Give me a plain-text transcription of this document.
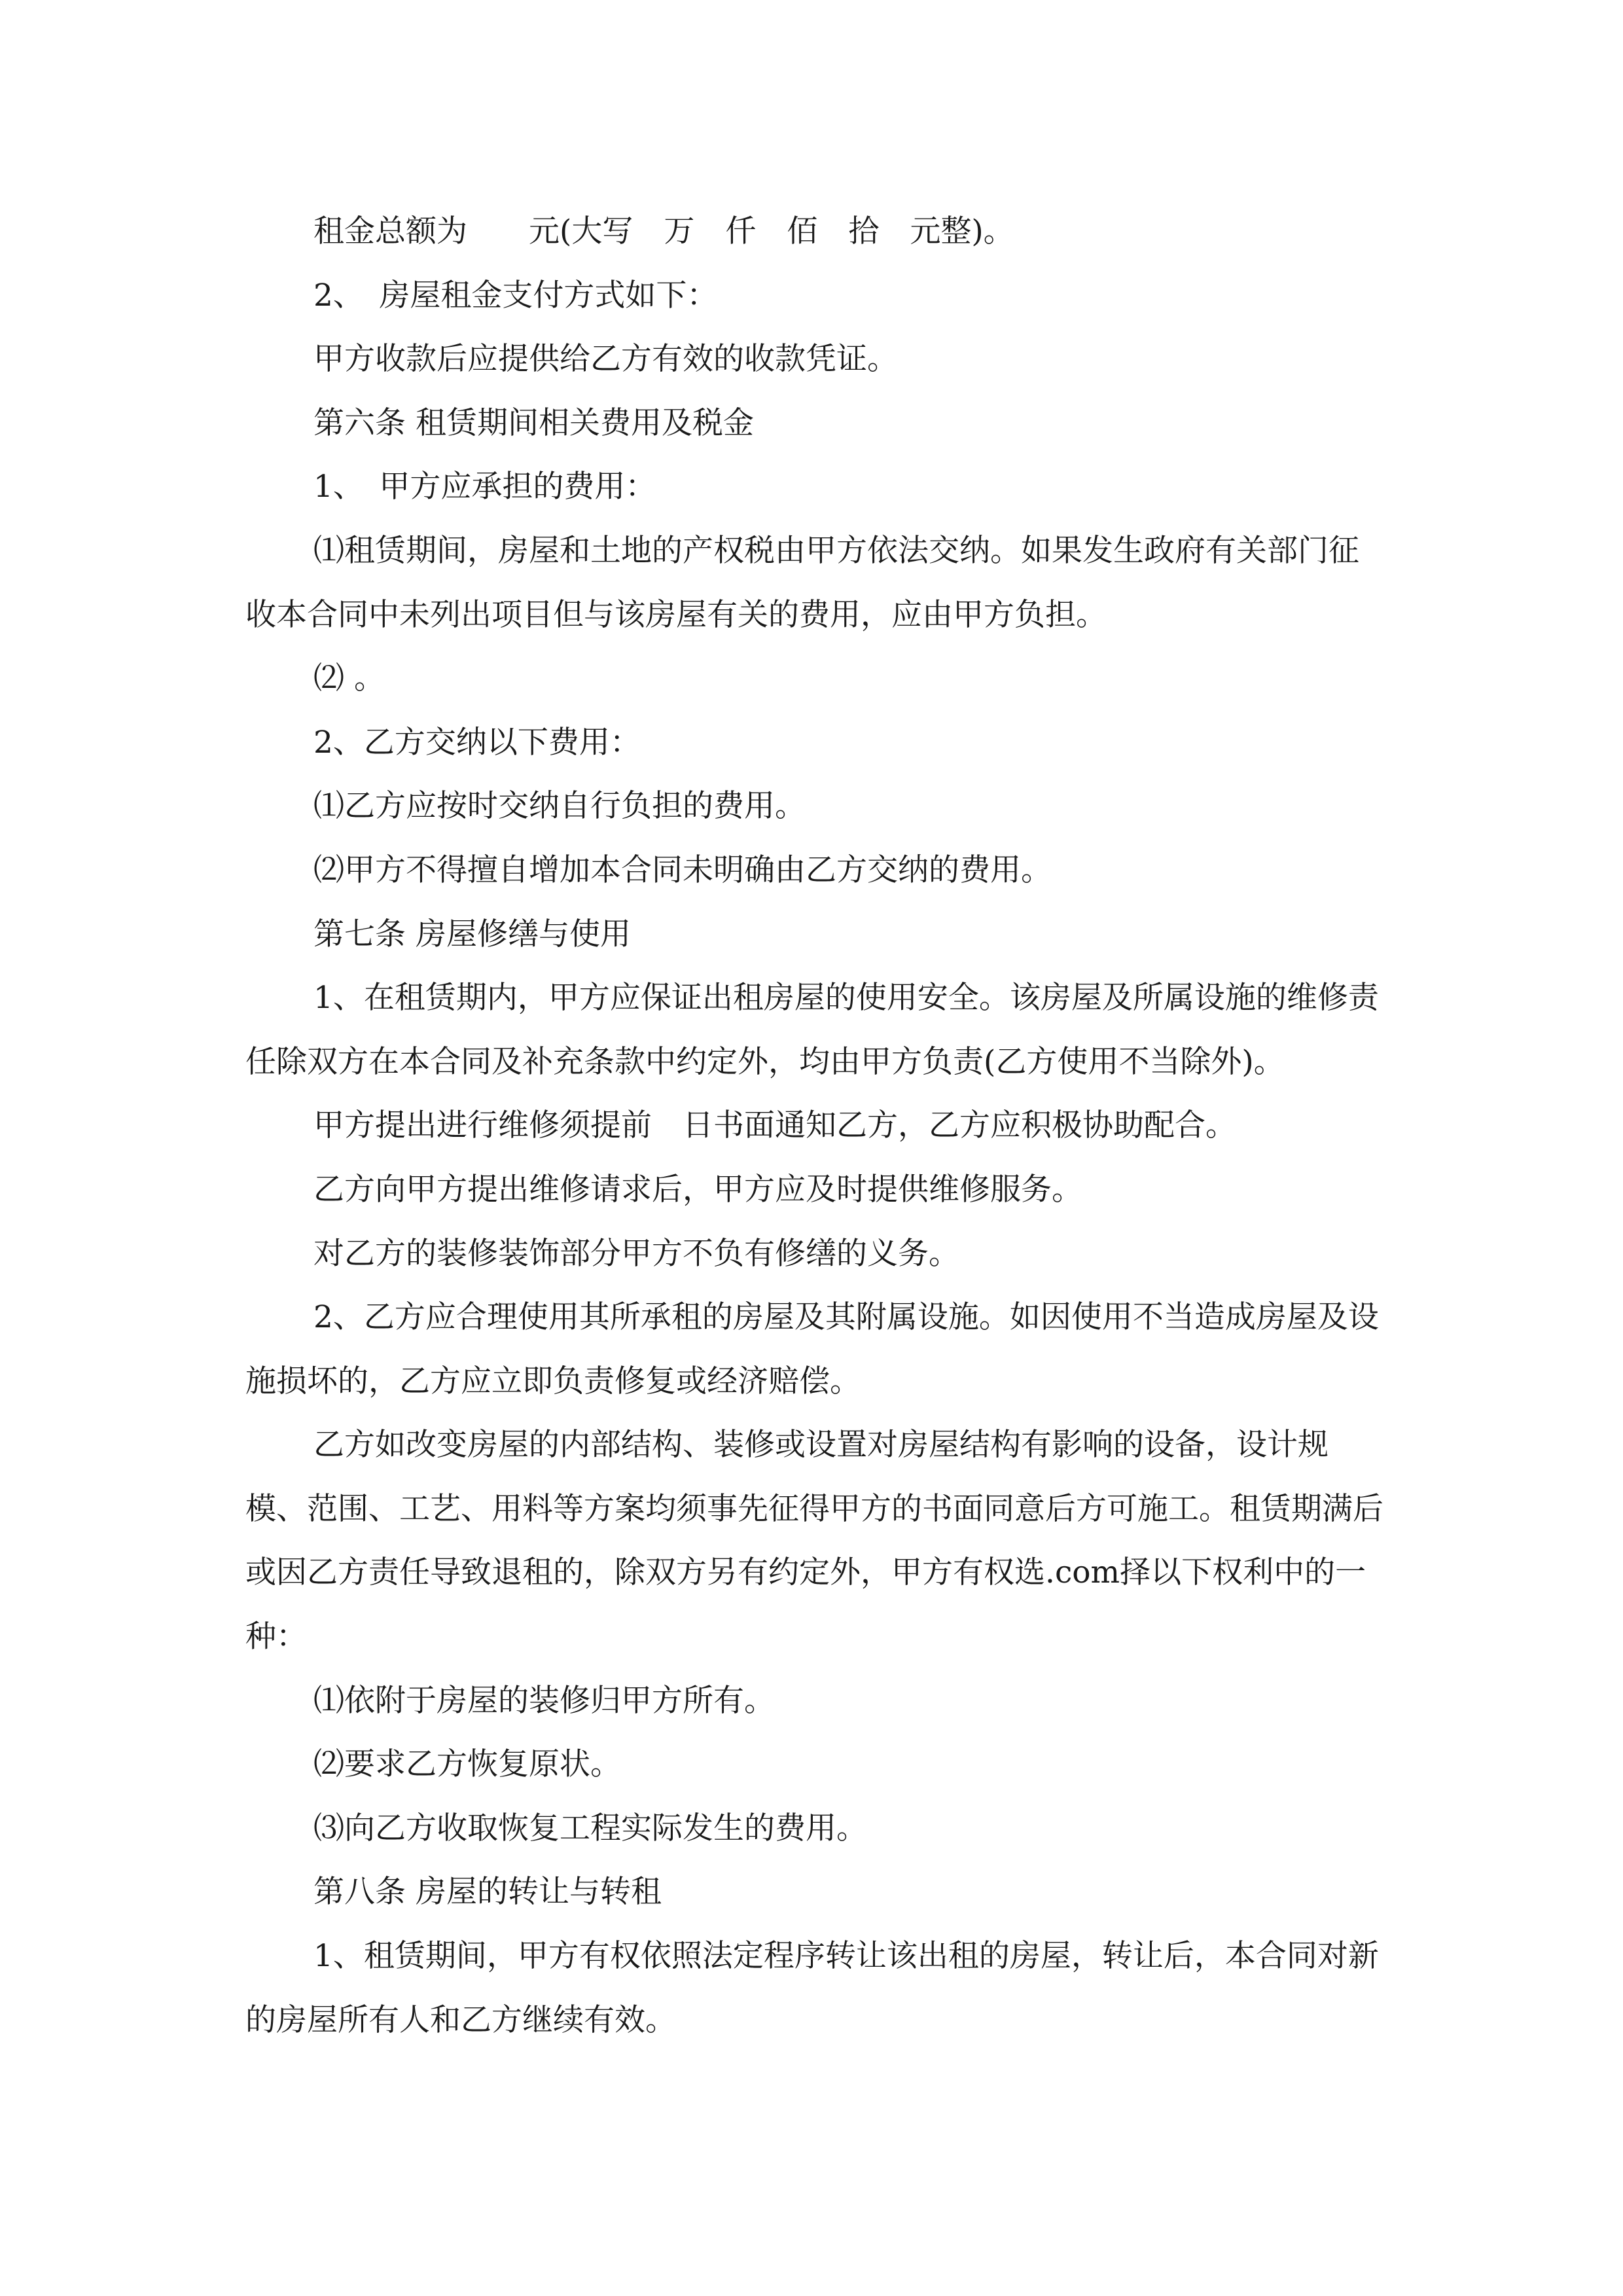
租金总额为　　元(大写　万　仟　佰　拾　元整)。

2、　房屋租金支付方式如下：

甲方收款后应提供给乙方有效的收款凭证。

第六条 租赁期间相关费用及税金

1、　甲方应承担的费用：

⑴租赁期间，房屋和土地的产权税由甲方依法交纳。如果发生政府有关部门征收本合同中未列出项目但与该房屋有关的费用，应由甲方负担。

⑵ 。

2、乙方交纳以下费用：

⑴乙方应按时交纳自行负担的费用。

⑵甲方不得擅自增加本合同未明确由乙方交纳的费用。

第七条 房屋修缮与使用

1、在租赁期内，甲方应保证出租房屋的使用安全。该房屋及所属设施的维修责任除双方在本合同及补充条款中约定外，均由甲方负责(乙方使用不当除外)。

甲方提出进行维修须提前　日书面通知乙方，乙方应积极协助配合。

乙方向甲方提出维修请求后，甲方应及时提供维修服务。

对乙方的装修装饰部分甲方不负有修缮的义务。

2、乙方应合理使用其所承租的房屋及其附属设施。如因使用不当造成房屋及设施损坏的，乙方应立即负责修复或经济赔偿。

乙方如改变房屋的内部结构、装修或设置对房屋结构有影响的设备，设计规模、范围、工艺、用料等方案均须事先征得甲方的书面同意后方可施工。租赁期满后或因乙方责任导致退租的，除双方另有约定外，甲方有权选.com择以下权利中的一种：

⑴依附于房屋的装修归甲方所有。

⑵要求乙方恢复原状。

⑶向乙方收取恢复工程实际发生的费用。

第八条 房屋的转让与转租

1、租赁期间，甲方有权依照法定程序转让该出租的房屋，转让后，本合同对新的房屋所有人和乙方继续有效。
